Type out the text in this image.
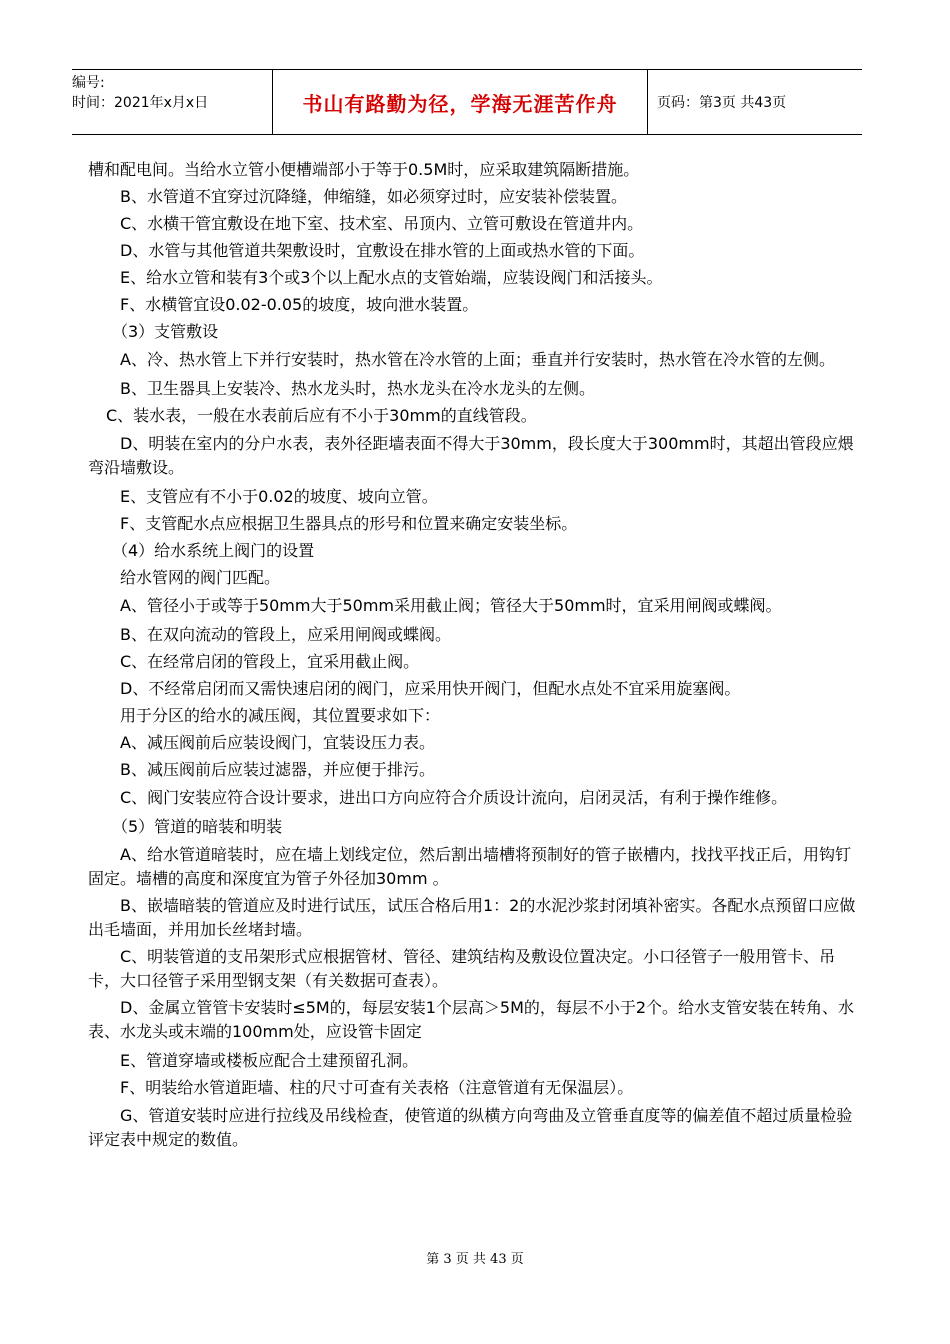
编号:
时间：2021年x月x日	书山有路勤为径，学海无涯苦作舟	页码：第3页 共43页
槽和配电间。当给水立管小便槽端部小于等于0.5M时，应采取建筑隔断措施。
B、水管道不宜穿过沉降缝，伸缩缝，如必须穿过时，应安装补偿装置。
C、水横干管宜敷设在地下室、技术室、吊顶内、立管可敷设在管道井内。
D、水管与其他管道共架敷设时，宜敷设在排水管的上面或热水管的下面。
E、给水立管和装有3个或3个以上配水点的支管始端，应装设阀门和活接头。
F、水横管宜设0.02-0.05的坡度，坡向泄水装置。
（3）支管敷设
A、冷、热水管上下并行安装时，热水管在冷水管的上面；垂直并行安装时，热水管在冷水管的左侧。
B、卫生器具上安装冷、热水龙头时，热水龙头在冷水龙头的左侧。
C、装水表，一般在水表前后应有不小于30mm的直线管段。
D、明装在室内的分户水表，表外径距墙表面不得大于30mm，段长度大于300mm时，其超出管段应煨弯沿墙敷设。
E、支管应有不小于0.02的坡度、坡向立管。
F、支管配水点应根据卫生器具点的形号和位置来确定安装坐标。
（4）给水系统上阀门的设置
给水管网的阀门匹配。
A、管径小于或等于50mm大于50mm采用截止阀；管径大于50mm时，宜采用闸阀或蝶阀。
B、在双向流动的管段上，应采用闸阀或蝶阀。
C、在经常启闭的管段上，宜采用截止阀。
D、不经常启闭而又需快速启闭的阀门，应采用快开阀门，但配水点处不宜采用旋塞阀。
用于分区的给水的减压阀，其位置要求如下：
A、减压阀前后应装设阀门，宜装设压力表。
B、减压阀前后应装过滤器，并应便于排污。
C、阀门安装应符合设计要求，进出口方向应符合介质设计流向，启闭灵活，有利于操作维修。
（5）管道的暗装和明装
A、给水管道暗装时，应在墙上划线定位，然后割出墙槽将预制好的管子嵌槽内，找找平找正后，用钩钉固定。墙槽的高度和深度宜为管子外径加30mm 。
B、嵌墙暗装的管道应及时进行试压，试压合格后用1：2的水泥沙浆封闭填补密实。各配水点预留口应做出毛墙面，并用加长丝堵封墙。
C、明装管道的支吊架形式应根据管材、管径、建筑结构及敷设位置决定。小口径管子一般用管卡、吊卡，大口径管子采用型钢支架（有关数据可查表）。
D、金属立管管卡安装时≤5M的，每层安装1个层高＞5M的，每层不小于2个。给水支管安装在转角、水表、水龙头或末端的100mm处，应设管卡固定
E、管道穿墙或楼板应配合土建预留孔洞。
F、明装给水管道距墙、柱的尺寸可查有关表格（注意管道有无保温层）。
G、管道安装时应进行拉线及吊线检查，使管道的纵横方向弯曲及立管垂直度等的偏差值不超过质量检验评定表中规定的数值。
第 3 页 共 43 页
